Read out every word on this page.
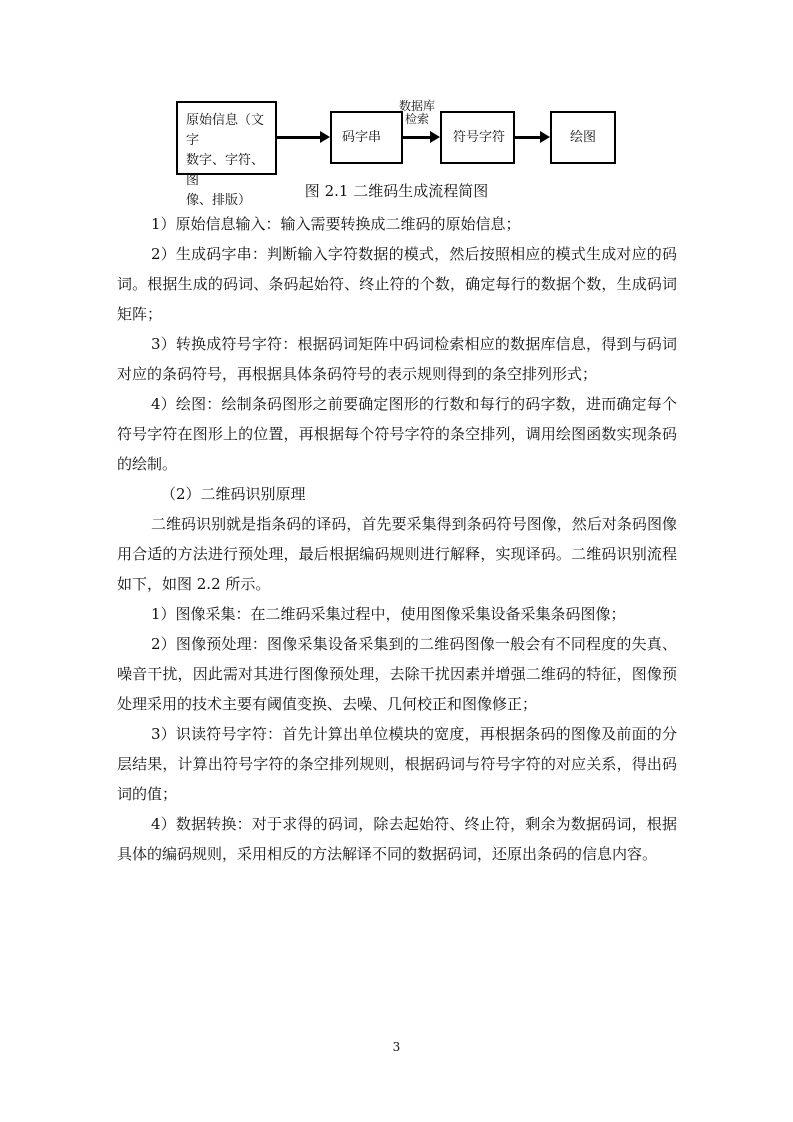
原始信息（文字
数字、字符、图
像、排版）
码字串
数据库 检索
符号字符	绘图
图 2.1 二维码生成流程简图

1）原始信息输入：输入需要转换成二维码的原始信息；

2）生成码字串：判断输入字符数据的模式，然后按照相应的模式生成对应的码词。根据生成的码词、条码起始符、终止符的个数，确定每行的数据个数，生成码词矩阵；

3）转换成符号字符：根据码词矩阵中码词检索相应的数据库信息，得到与码词对应的条码符号，再根据具体条码符号的表示规则得到的条空排列形式；

4）绘图：绘制条码图形之前要确定图形的行数和每行的码字数，进而确定每个符号字符在图形上的位置，再根据每个符号字符的条空排列，调用绘图函数实现条码的绘制。

（2）二维码识别原理

二维码识别就是指条码的译码，首先要采集得到条码符号图像，然后对条码图像用合适的方法进行预处理，最后根据编码规则进行解释，实现译码。二维码识别流程如下，如图 2.2 所示。

1）图像采集：在二维码采集过程中，使用图像采集设备采集条码图像；

2）图像预处理：图像采集设备采集到的二维码图像一般会有不同程度的失真、噪音干扰，因此需对其进行图像预处理，去除干扰因素并增强二维码的特征，图像预处理采用的技术主要有阈值变换、去噪、几何校正和图像修正；

3）识读符号字符：首先计算出单位模块的宽度，再根据条码的图像及前面的分层结果，计算出符号字符的条空排列规则，根据码词与符号字符的对应关系，得出码词的值；

4）数据转换：对于求得的码词，除去起始符、终止符，剩余为数据码词，根据具体的编码规则，采用相反的方法解译不同的数据码词，还原出条码的信息内容。

3
